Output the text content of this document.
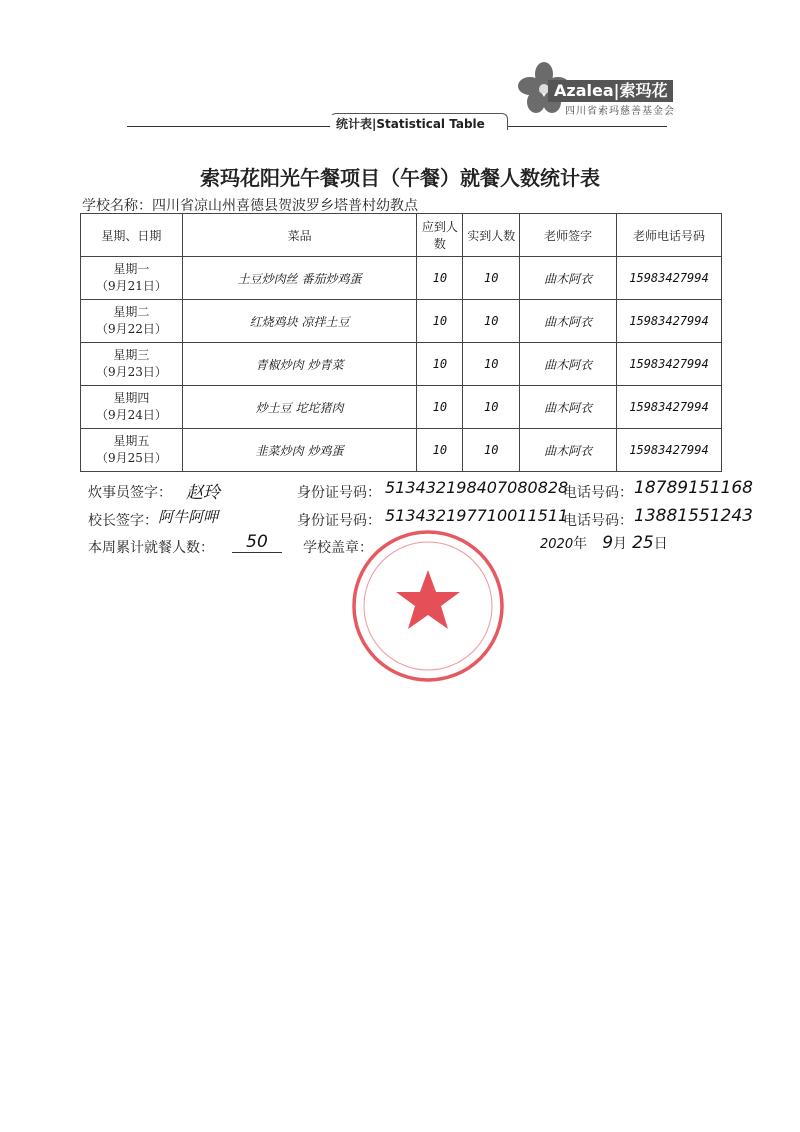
Azalea|索玛花
四川省索玛慈善基金会
统计表|Statistical Table
索玛花阳光午餐项目（午餐）就餐人数统计表
学校名称：四川省凉山州喜德县贺波罗乡塔普村幼教点
星期、日期	菜品	应到人数	实到人数	老师签字	老师电话号码

星期一
（9月21日）	土豆炒肉丝 番茄炒鸡蛋	10	10	曲木阿衣	15983427994

星期二
（9月22日）	红烧鸡块 凉拌土豆	10	10	曲木阿衣	15983427994

星期三
（9月23日）	青椒炒肉 炒青菜	10	10	曲木阿衣	15983427994

星期四
（9月24日）	炒土豆 坨坨猪肉	10	10	曲木阿衣	15983427994

星期五
（9月25日）	韭菜炒肉 炒鸡蛋	10	10	曲木阿衣	15983427994
炊事员签字： 赵玲	身份证号码： 513432198407080828
电话号码： 18789151168
校长签字： 阿牛阿呷	身份证号码： 513432197710011511
电话号码： 13881551243
本周累计就餐人数：	50	学校盖章：	2020年 9月 25日
